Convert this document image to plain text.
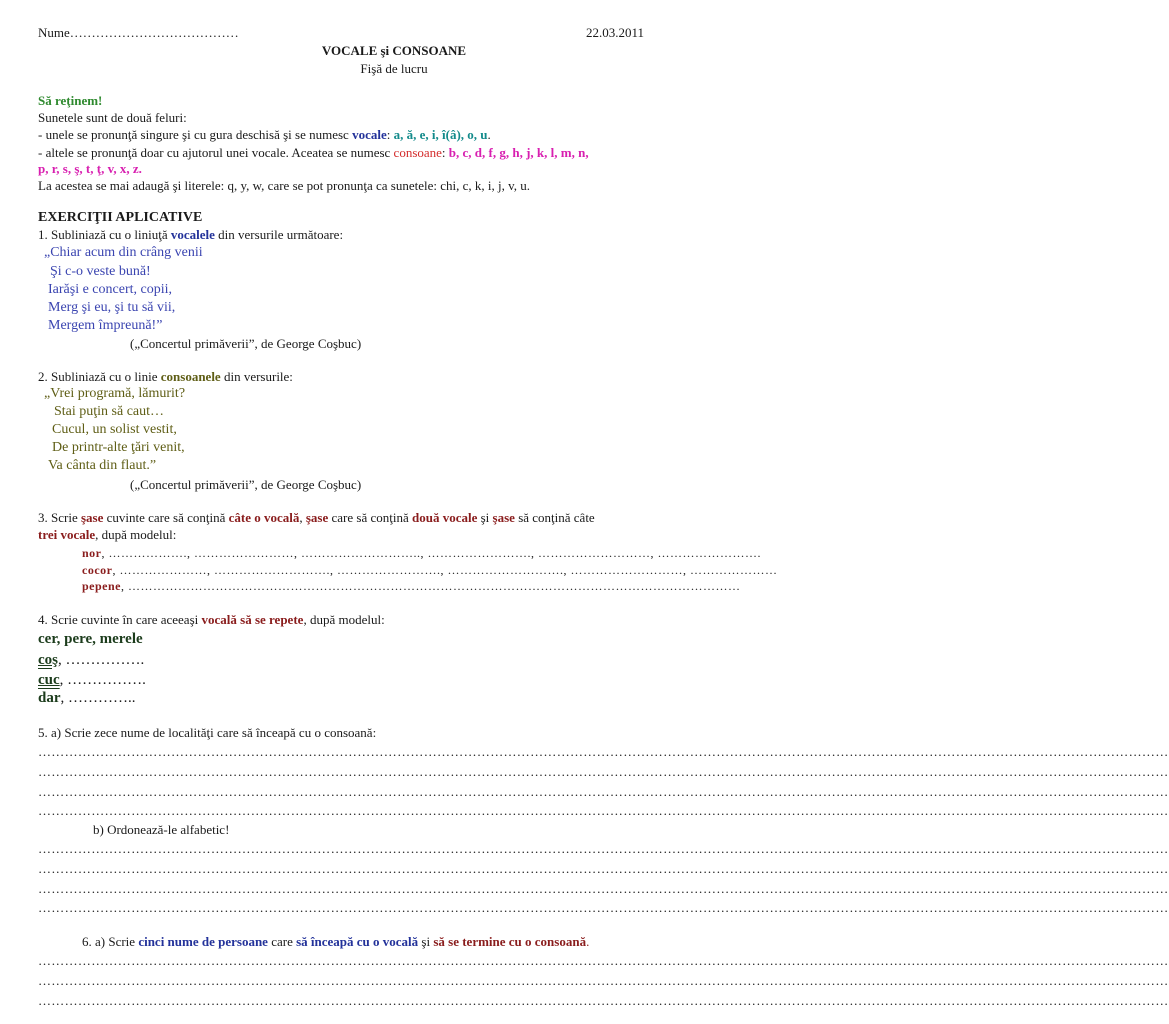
Nume…………………………………	22.03.2011
VOCALE şi CONSOANE
Fişă de lucru
Să reţinem!
Sunetele sunt de două feluri:
- unele se pronunţă singure şi cu gura deschisă şi se numesc vocale: a, ă, e, i, î(â), o, u.
- altele se pronunţă doar cu ajutorul unei vocale. Aceatea se numesc consoane: b, c, d, f, g, h, j, k, l, m, n,
p, r, s, ş, t, ţ, v, x, z.
La acestea se mai adaugă şi literele: q, y, w, care se pot pronunţa ca sunetele: chi, c, k, i, j, v, u.
EXERCIŢII APLICATIVE
1. Subliniază cu o liniuţă vocalele din versurile următoare:
„Chiar acum din crâng venii
Şi c-o veste bună!
Iarăşi e concert, copii,
Merg şi eu, şi tu să vii,
Mergem împreună!”
(„Concertul primăverii”, de George Coşbuc)
2. Subliniază cu o linie consoanele din versurile:
„Vrei programă, lămurit?
Stai puţin să caut…
Cucul, un solist vestit,
De printr-alte ţări venit,
Va cânta din flaut.”
(„Concertul primăverii”, de George Coşbuc)
3. Scrie şase cuvinte care să conţină câte o vocală, şase care să conţină două vocale şi şase să conţină câte
trei vocale, după modelul:
nor, ………………., ……………………, ……………………….., ……………………., ………………………, …………………….
cocor, …………………, ………………………., ……………………., ………………………., ………………………, …………………
pepene, …………………………………………………………………………………………………………………………………
4. Scrie cuvinte în care aceeaşi vocală să se repete, după modelul:
cer, pere, merele
coş, …………….
cuc, …………….
dar, …………..
5. a) Scrie zece nume de localităţi care să înceapă cu o consoană:
…………………………………………………………………………………………………………………………………………………………………………………………………………………………………
…………………………………………………………………………………………………………………………………………………………………………………………………………………………………
…………………………………………………………………………………………………………………………………………………………………………………………………………………………………
…………………………………………………………………………………………………………………………………………………………………………………………………………………………………
b) Ordonează-le alfabetic!
…………………………………………………………………………………………………………………………………………………………………………………………………………………………………
…………………………………………………………………………………………………………………………………………………………………………………………………………………………………
…………………………………………………………………………………………………………………………………………………………………………………………………………………………………
…………………………………………………………………………………………………………………………………………………………………………………………………………………………………
6. a) Scrie cinci nume de persoane care să înceapă cu o vocală şi să se termine cu o consoană.
…………………………………………………………………………………………………………………………………………………………………………………………………………………………………
…………………………………………………………………………………………………………………………………………………………………………………………………………………………………
…………………………………………………………………………………………………………………………………………………………………………………………………………………………………
